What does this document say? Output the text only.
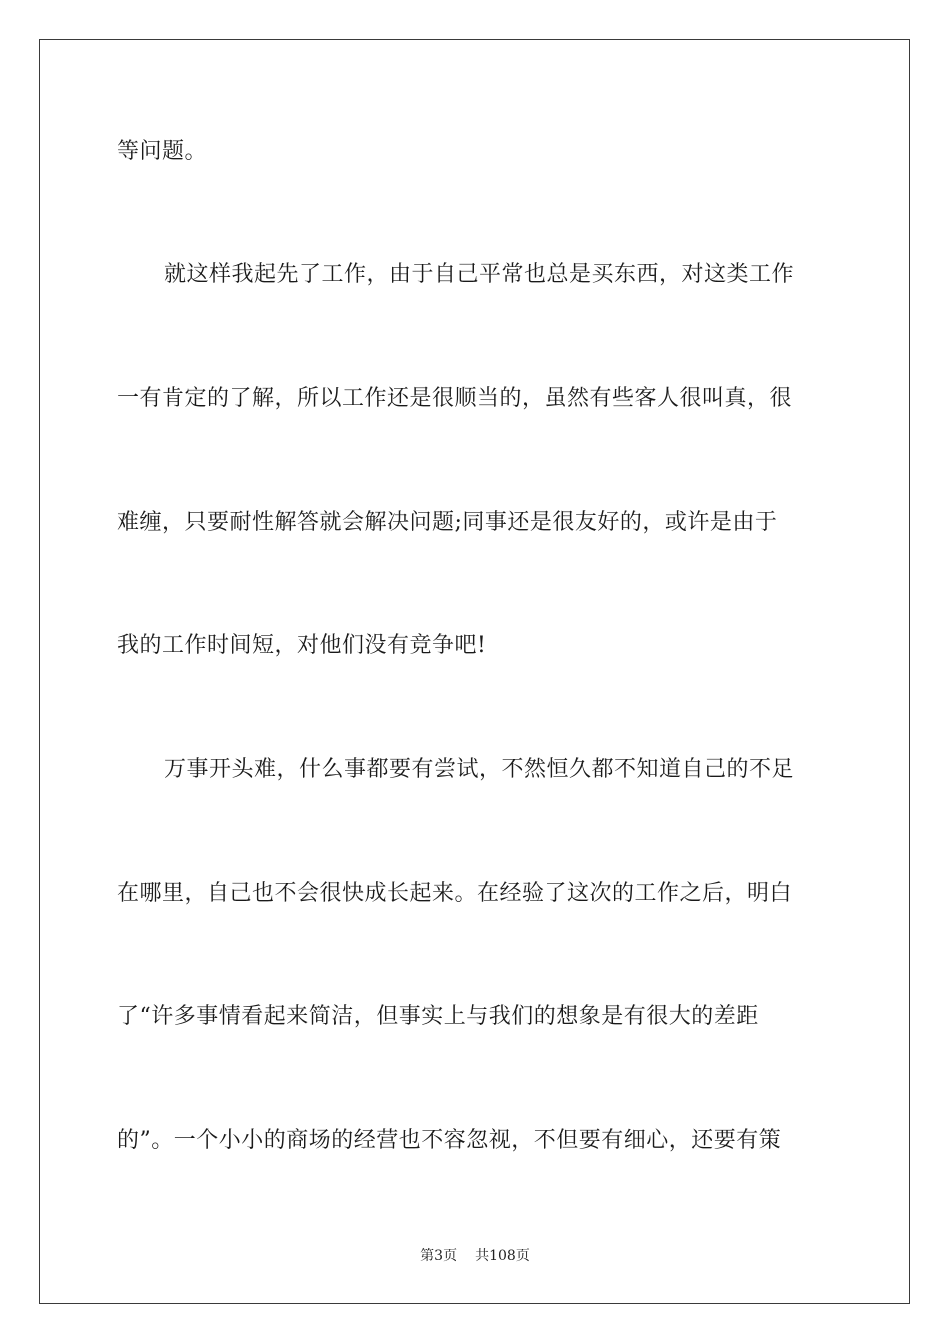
等问题。
就这样我起先了工作，由于自己平常也总是买东西，对这类工作
一有肯定的了解，所以工作还是很顺当的，虽然有些客人很叫真，很
难缠，只要耐性解答就会解决问题;同事还是很友好的，或许是由于
我的工作时间短，对他们没有竞争吧!
万事开头难，什么事都要有尝试，不然恒久都不知道自己的不足
在哪里，自己也不会很快成长起来。在经验了这次的工作之后，明白
了“许多事情看起来简洁，但事实上与我们的想象是有很大的差距
的”。一个小小的商场的经营也不容忽视，不但要有细心，还要有策
第3页 共108页
